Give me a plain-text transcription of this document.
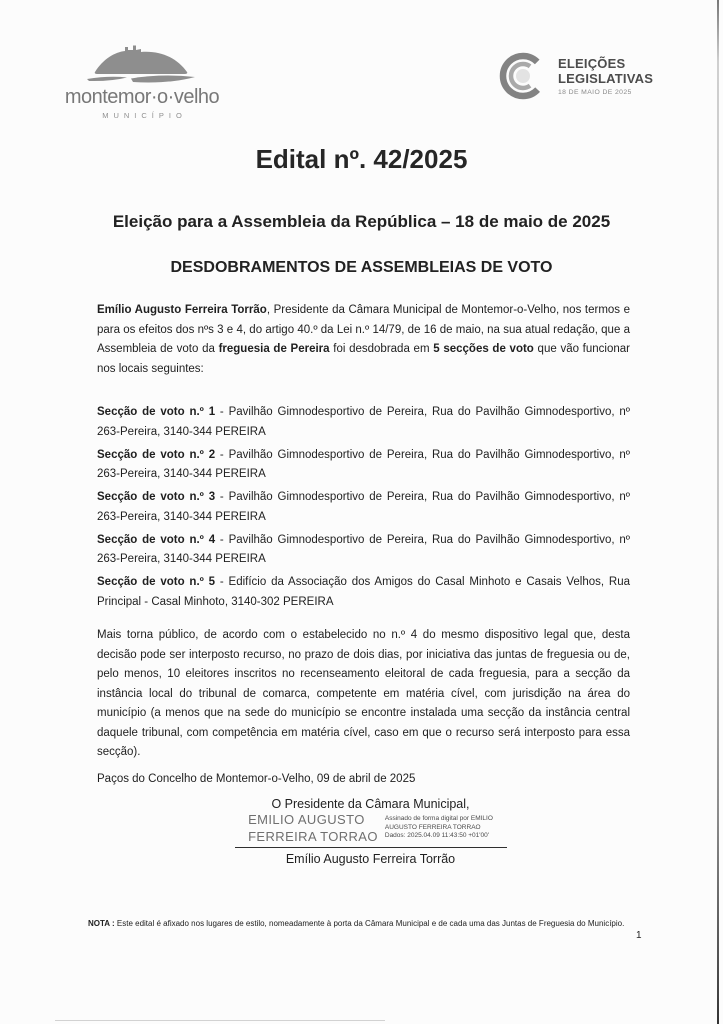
montemor·o·velho
MUNICÍPIO
ELEIÇÕES
LEGISLATIVAS
18 DE MAIO DE 2025
Edital nº. 42/2025
Eleição para a Assembleia da República – 18 de maio de 2025
DESDOBRAMENTOS DE ASSEMBLEIAS DE VOTO

Emílio Augusto Ferreira Torrão, Presidente da Câmara Municipal de Montemor-o-Velho, nos termos e para os efeitos dos nºs 3 e 4, do artigo 40.º da Lei n.º 14/79, de 16 de maio, na sua atual redação, que a Assembleia de voto da freguesia de Pereira foi desdobrada em 5 secções de voto que vão funcionar nos locais seguintes:

Secção de voto n.º 1 - Pavilhão Gimnodesportivo de Pereira, Rua do Pavilhão Gimnodesportivo, nº 263-Pereira, 3140-344 PEREIRA

Secção de voto n.º 2 - Pavilhão Gimnodesportivo de Pereira, Rua do Pavilhão Gimnodesportivo, nº 263-Pereira, 3140-344 PEREIRA

Secção de voto n.º 3 - Pavilhão Gimnodesportivo de Pereira, Rua do Pavilhão Gimnodesportivo, nº 263-Pereira, 3140-344 PEREIRA

Secção de voto n.º 4 - Pavilhão Gimnodesportivo de Pereira, Rua do Pavilhão Gimnodesportivo, nº 263-Pereira, 3140-344 PEREIRA

Secção de voto n.º 5 - Edifício da Associação dos Amigos do Casal Minhoto e Casais Velhos, Rua Principal - Casal Minhoto, 3140-302 PEREIRA

Mais torna público, de acordo com o estabelecido no n.º 4 do mesmo dispositivo legal que, desta decisão pode ser interposto recurso, no prazo de dois dias, por iniciativa das juntas de freguesia ou de, pelo menos, 10 eleitores inscritos no recenseamento eleitoral de cada freguesia, para a secção da instância local do tribunal de comarca, competente em matéria cível, com jurisdição na área do município (a menos que na sede do município se encontre instalada uma secção da instância central daquele tribunal, com competência em matéria cível, caso em que o recurso será interposto para essa secção).

Paços do Concelho de Montemor-o-Velho, 09 de abril de 2025

O Presidente da Câmara Municipal,
EMILIO AUGUSTO
FERREIRA TORRAO
Assinado de forma digital por EMILIO
AUGUSTO FERREIRA TORRAO
Dados: 2025.04.09 11:43:50 +01'00'
Emílio Augusto Ferreira Torrão
NOTA : Este edital é afixado nos lugares de estilo, nomeadamente à porta da Câmara Municipal e de cada uma das Juntas de Freguesia do Município.
1
